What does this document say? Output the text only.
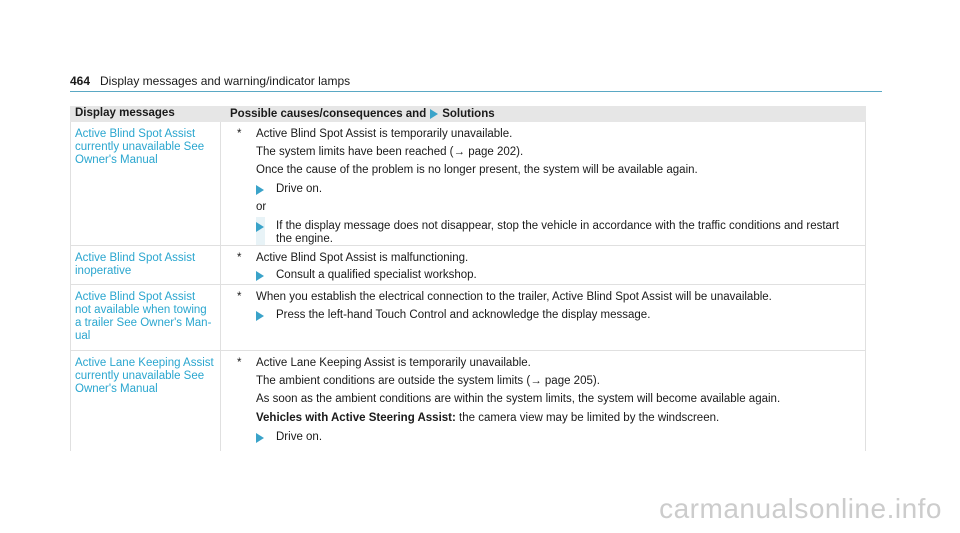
464 Display messages and warning/indicator lamps
Display messages	Possible causes/consequences and Solutions
Active Blind Spot Assist
currently unavailable See
Owner's Manual
* Active Blind Spot Assist is temporarily unavailable.
The system limits have been reached (→ page 202).
Once the cause of the problem is no longer present, the system will be available again.
Drive on.
or
If the display message does not disappear, stop the vehicle in accordance with the traffic conditions and restart
the engine.
Active Blind Spot Assist
inoperative
* Active Blind Spot Assist is malfunctioning.
Consult a qualified specialist workshop.
Active Blind Spot Assist
not available when towing
a trailer See Owner's Man-
ual
* When you establish the electrical connection to the trailer, Active Blind Spot Assist will be unavailable.
Press the left-hand Touch Control and acknowledge the display message.
Active Lane Keeping Assist
currently unavailable See
Owner's Manual
* Active Lane Keeping Assist is temporarily unavailable.
The ambient conditions are outside the system limits (→ page 205).
As soon as the ambient conditions are within the system limits, the system will become available again.
Vehicles with Active Steering Assist: the camera view may be limited by the windscreen.
Drive on.
carmanualsonline.info
